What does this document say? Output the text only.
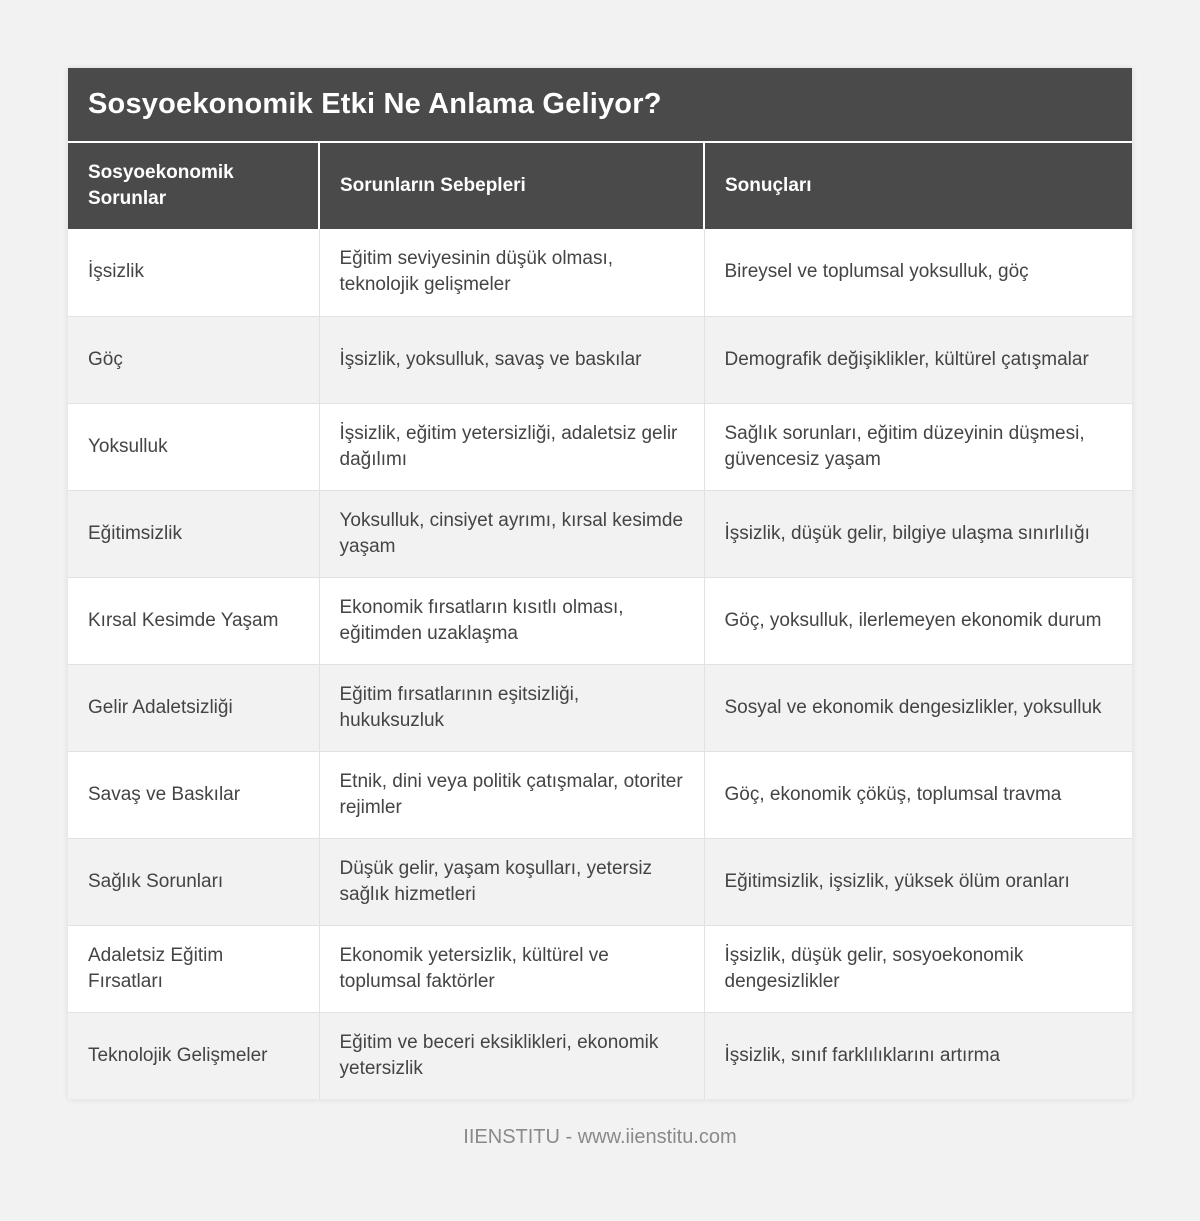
Sosyoekonomik Etki Ne Anlama Geliyor?
Sosyoekonomik Sorunlar	Sorunların Sebepleri	Sonuçları
İşsizlik	Eğitim seviyesinin düşük olması, teknolojik gelişmeler	Bireysel ve toplumsal yoksulluk, göç
Göç	İşsizlik, yoksulluk, savaş ve baskılar	Demografik değişiklikler, kültürel çatışmalar
Yoksulluk	İşsizlik, eğitim yetersizliği, adaletsiz gelir dağılımı	Sağlık sorunları, eğitim düzeyinin düşmesi, güvencesiz yaşam
Eğitimsizlik	Yoksulluk, cinsiyet ayrımı, kırsal kesimde yaşam	İşsizlik, düşük gelir, bilgiye ulaşma sınırlılığı
Kırsal Kesimde Yaşam	Ekonomik fırsatların kısıtlı olması, eğitimden uzaklaşma	Göç, yoksulluk, ilerlemeyen ekonomik durum
Gelir Adaletsizliği	Eğitim fırsatlarının eşitsizliği, hukuksuzluk	Sosyal ve ekonomik dengesizlikler, yoksulluk
Savaş ve Baskılar	Etnik, dini veya politik çatışmalar, otoriter rejimler	Göç, ekonomik çöküş, toplumsal travma
Sağlık Sorunları	Düşük gelir, yaşam koşulları, yetersiz sağlık hizmetleri	Eğitimsizlik, işsizlik, yüksek ölüm oranları
Adaletsiz Eğitim Fırsatları	Ekonomik yetersizlik, kültürel ve toplumsal faktörler	İşsizlik, düşük gelir, sosyoekonomik dengesizlikler
Teknolojik Gelişmeler	Eğitim ve beceri eksiklikleri, ekonomik yetersizlik	İşsizlik, sınıf farklılıklarını artırma
IIENSTITU - www.iienstitu.com
